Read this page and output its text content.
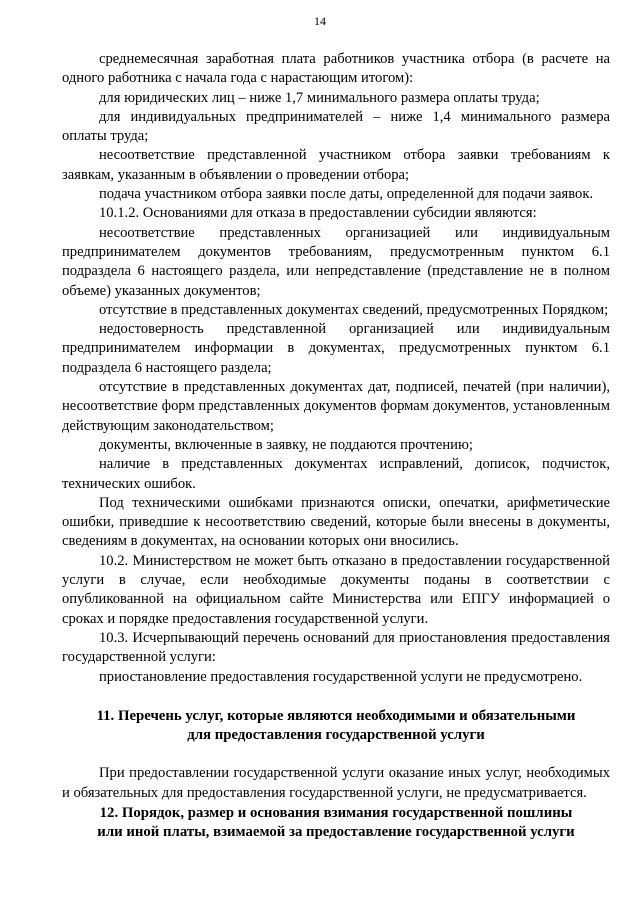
14

среднемесячная заработная плата работников участника отбора (в расчете на одного работника с начала года с нарастающим итогом):

для юридических лиц – ниже 1,7 минимального размера оплаты труда;

для индивидуальных предпринимателей – ниже 1,4 минимального размера оплаты труда;

несоответствие представленной участником отбора заявки требованиям к заявкам, указанным в объявлении о проведении отбора;

подача участником отбора заявки после даты, определенной для подачи заявок.

10.1.2. Основаниями для отказа в предоставлении субсидии являются:

несоответствие представленных организацией или индивидуальным предпринимателем документов требованиям, предусмотренным пунктом 6.1 подраздела 6 настоящего раздела, или непредставление (представление не в полном объеме) указанных документов;

отсутствие в представленных документах сведений, предусмотренных Порядком;

недостоверность представленной организацией или индивидуальным предпринимателем информации в документах, предусмотренных пунктом 6.1 подраздела 6 настоящего раздела;

отсутствие в представленных документах дат, подписей, печатей (при наличии), несоответствие форм представленных документов формам документов, установленным действующим законодательством;

документы, включенные в заявку, не поддаются прочтению;

наличие в представленных документах исправлений, дописок, подчисток, технических ошибок.

Под техническими ошибками признаются описки, опечатки, арифметические ошибки, приведшие к несоответствию сведений, которые были внесены в документы, сведениям в документах, на основании которых они вносились.

10.2. Министерством не может быть отказано в предоставлении государственной услуги в случае, если необходимые документы поданы в соответствии с опубликованной на официальном сайте Министерства или ЕПГУ информацией о сроках и порядке предоставления государственной услуги.

10.3. Исчерпывающий перечень оснований для приостановления предоставления государственной услуги:

приостановление предоставления государственной услуги не предусмотрено.

11. Перечень услуг, которые являются необходимыми и обязательными
для предоставления государственной услуги

При предоставлении государственной услуги оказание иных услуг, необходимых и обязательных для предоставления государственной услуги, не предусматривается.

12. Порядок, размер и основания взимания государственной пошлины
или иной платы, взимаемой за предоставление государственной услуги
